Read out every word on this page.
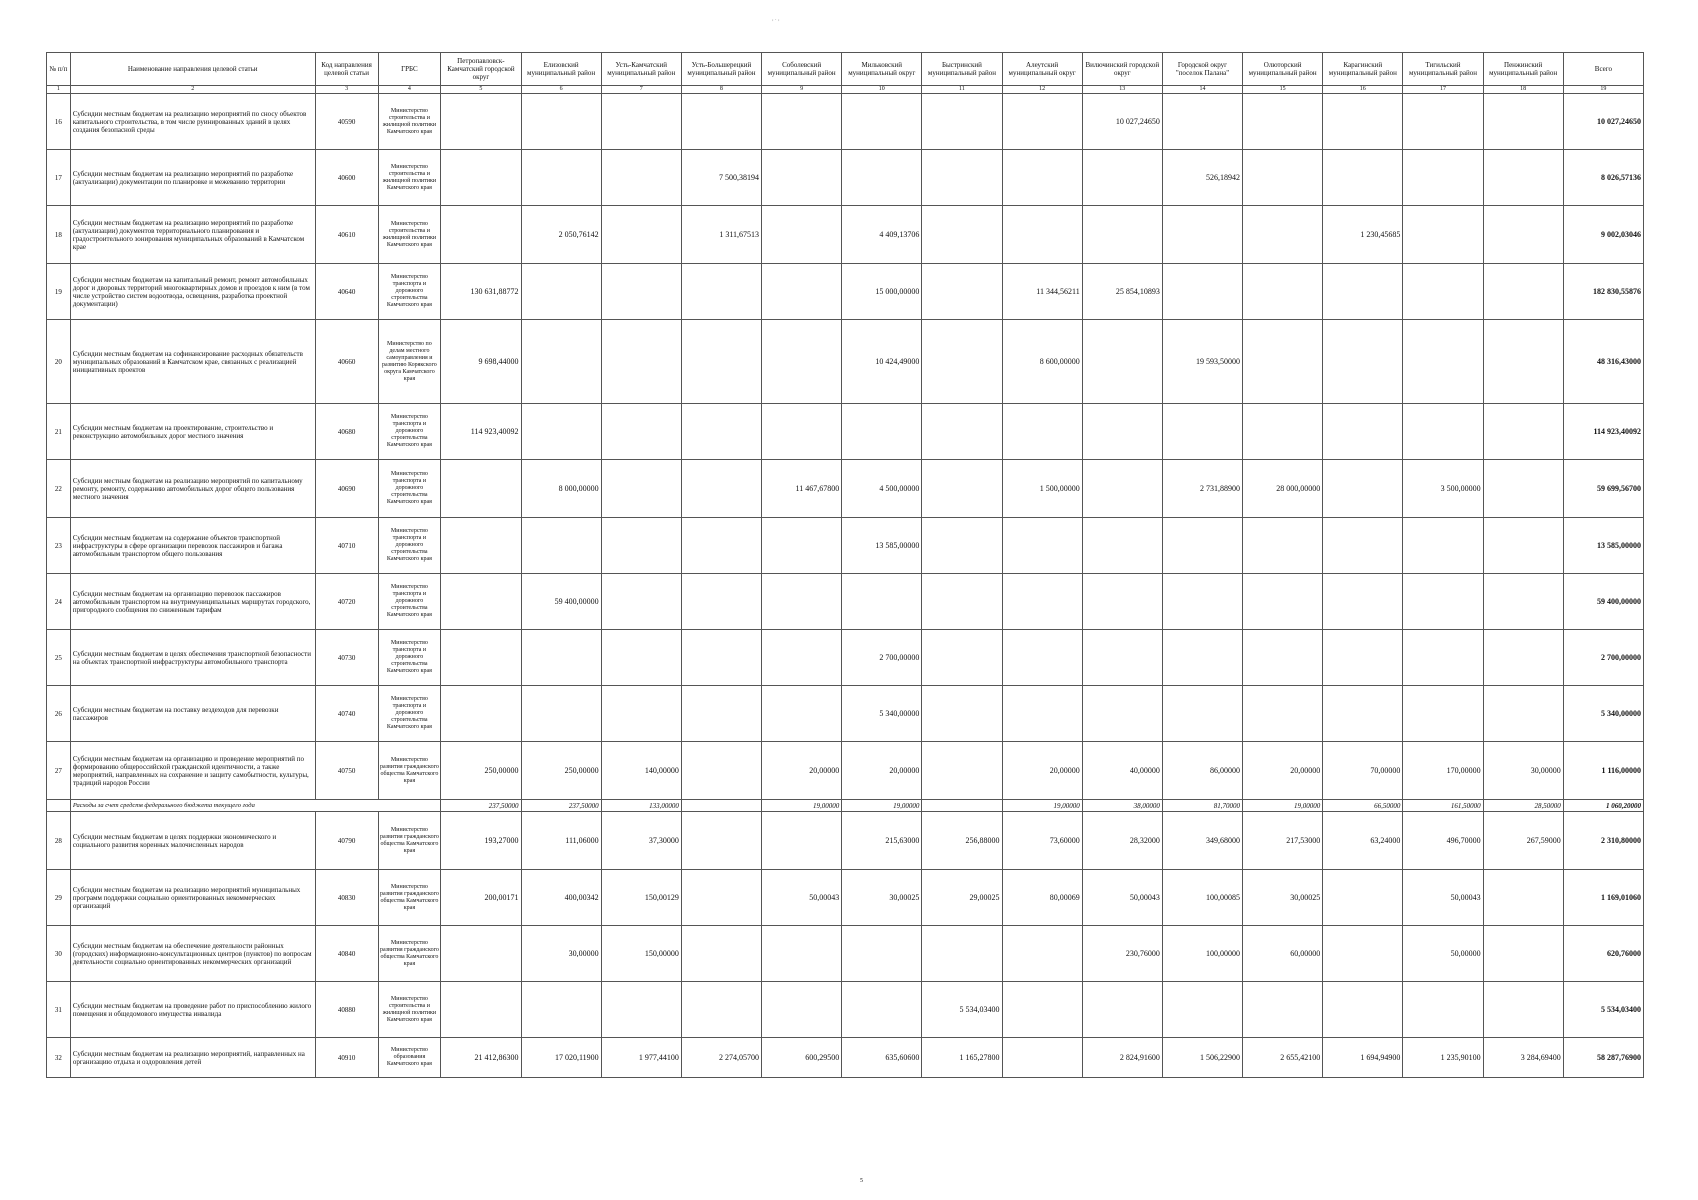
, . ,
№ п/п	Наименование направления целевой статьи	Код направления целевой статьи	ГРБС	Петропавловск-Камчатский городской округ	Елизовский муниципальный район	Усть-Камчатский муниципальный район	Усть-Большерецкий муниципальный район	Соболевский муниципальный район	Мильковский муниципальный округ	Быстринский муниципальный район	Алеутский муниципальный округ	Вилючинский городской округ	Городской округ "поселок Палана"	Олюторский муниципальный район	Карагинский муниципальный район	Тигильский муниципальный район	Пенжинский муниципальный район	Всего
1	2	3	4	5	6	7	8	9	10	11	12	13	14	15	16	17	18	19
16	Субсидии местным бюджетам на реализацию мероприятий по сносу объектов капитального строительства, в том числе руинированных зданий в целях создания безопасной среды	40590	Министерство строительства и жилищной политики Камчатского края									10 027,24650						10 027,24650
17	Субсидии местным бюджетам на реализацию мероприятий по разработке (актуализации) документации по планировке и межеванию территории	40600	Министерство строительства и жилищной политики Камчатского края				7 500,38194						526,18942					8 026,57136
18	Субсидии местным бюджетам на реализацию мероприятий по разработке (актуализации) документов территориального планирования и градостроительного зонирования муниципальных образований в Камчатском крае	40610	Министерство строительства и жилищной политики Камчатского края		2 050,76142		1 311,67513		4 409,13706						1 230,45685			9 002,03046
19	Субсидии местным бюджетам на капитальный ремонт, ремонт автомобильных дорог и дворовых территорий многоквартирных домов и проездов к ним (в том числе устройство систем водоотвода, освещения, разработка проектной документации)	40640	Министерство транспорта и дорожного строительства Камчатского края	130 631,88772					15 000,00000		11 344,56211	25 854,10893						182 830,55876
20	Субсидии местным бюджетам на софинансирование расходных обязательств муниципальных образований в Камчатском крае, связанных с реализацией инициативных проектов	40660	Министерство по делам местного самоуправления и развитию Корякского округа Камчатского края	9 698,44000					10 424,49000		8 600,00000		19 593,50000					48 316,43000
21	Субсидии местным бюджетам на проектирование, строительство и реконструкцию автомобильных дорог местного значения	40680	Министерство транспорта и дорожного строительства Камчатского края	114 923,40092														114 923,40092
22	Субсидии местным бюджетам на реализацию мероприятий по капитальному ремонту, ремонту, содержанию автомобильных дорог общего пользования местного значения	40690	Министерство транспорта и дорожного строительства Камчатского края		8 000,00000			11 467,67800	4 500,00000		1 500,00000		2 731,88900	28 000,00000		3 500,00000		59 699,56700
23	Субсидии местным бюджетам на содержание объектов транспортной инфраструктуры в сфере организации перевозок пассажиров и багажа автомобильным транспортом общего пользования	40710	Министерство транспорта и дорожного строительства Камчатского края						13 585,00000									13 585,00000
24	Субсидии местным бюджетам на организацию перевозок пассажиров автомобильным транспортом на внутримуниципальных маршрутах городского, пригородного сообщения по сниженным тарифам	40720	Министерство транспорта и дорожного строительства Камчатского края		59 400,00000													59 400,00000
25	Субсидии местным бюджетам в целях обеспечения транспортной безопасности на объектах транспортной инфраструктуры автомобильного транспорта	40730	Министерство транспорта и дорожного строительства Камчатского края						2 700,00000									2 700,00000
26	Субсидии местным бюджетам на поставку вездеходов для перевозки пассажиров	40740	Министерство транспорта и дорожного строительства Камчатского края						5 340,00000									5 340,00000
27	Субсидии местным бюджетам на организацию и проведение мероприятий по формированию общероссийской гражданской идентичности, а также мероприятий, направленных на сохранение и защиту самобытности, культуры, традиций народов России	40750	Министерство развития гражданского общества Камчатского края	250,00000	250,00000	140,00000		20,00000	20,00000		20,00000	40,00000	86,00000	20,00000	70,00000	170,00000	30,00000	1 116,00000
	Расходы за счет средств федерального бюджета текущего года			237,50000	237,50000	133,00000		19,00000	19,00000		19,00000	38,00000	81,70000	19,00000	66,50000	161,50000	28,50000	1 060,20000
28	Субсидии местным бюджетам в целях поддержки экономического и социального развития коренных малочисленных народов	40790	Министерство развития гражданского общества Камчатского края	193,27000	111,06000	37,30000			215,63000	256,88000	73,60000	28,32000	349,68000	217,53000	63,24000	496,70000	267,59000	2 310,80000
29	Субсидии местным бюджетам на реализацию мероприятий муниципальных программ поддержки социально ориентированных некоммерческих организаций	40830	Министерство развития гражданского общества Камчатского края	200,00171	400,00342	150,00129		50,00043	30,00025	29,00025	80,00069	50,00043	100,00085	30,00025		50,00043		1 169,01060
30	Субсидии местным бюджетам на обеспечение деятельности районных (городских) информационно-консультационных центров (пунктов) по вопросам деятельности социально ориентированных некоммерческих организаций	40840	Министерство развития гражданского общества Камчатского края		30,00000	150,00000						230,76000	100,00000	60,00000		50,00000		620,76000
31	Субсидии местным бюджетам на проведение работ по приспособлению жилого помещения и общедомового имущества инвалида	40880	Министерство строительства и жилищной политики Камчатского края							5 534,03400								5 534,03400
32	Субсидии местным бюджетам на реализацию мероприятий, направленных на организацию отдыха и оздоровления детей	40910	Министерство образования Камчатского края	21 412,86300	17 020,11900	1 977,44100	2 274,05700	600,29500	635,60600	1 165,27800		2 824,91600	1 506,22900	2 655,42100	1 694,94900	1 235,90100	3 284,69400	58 287,76900
5
